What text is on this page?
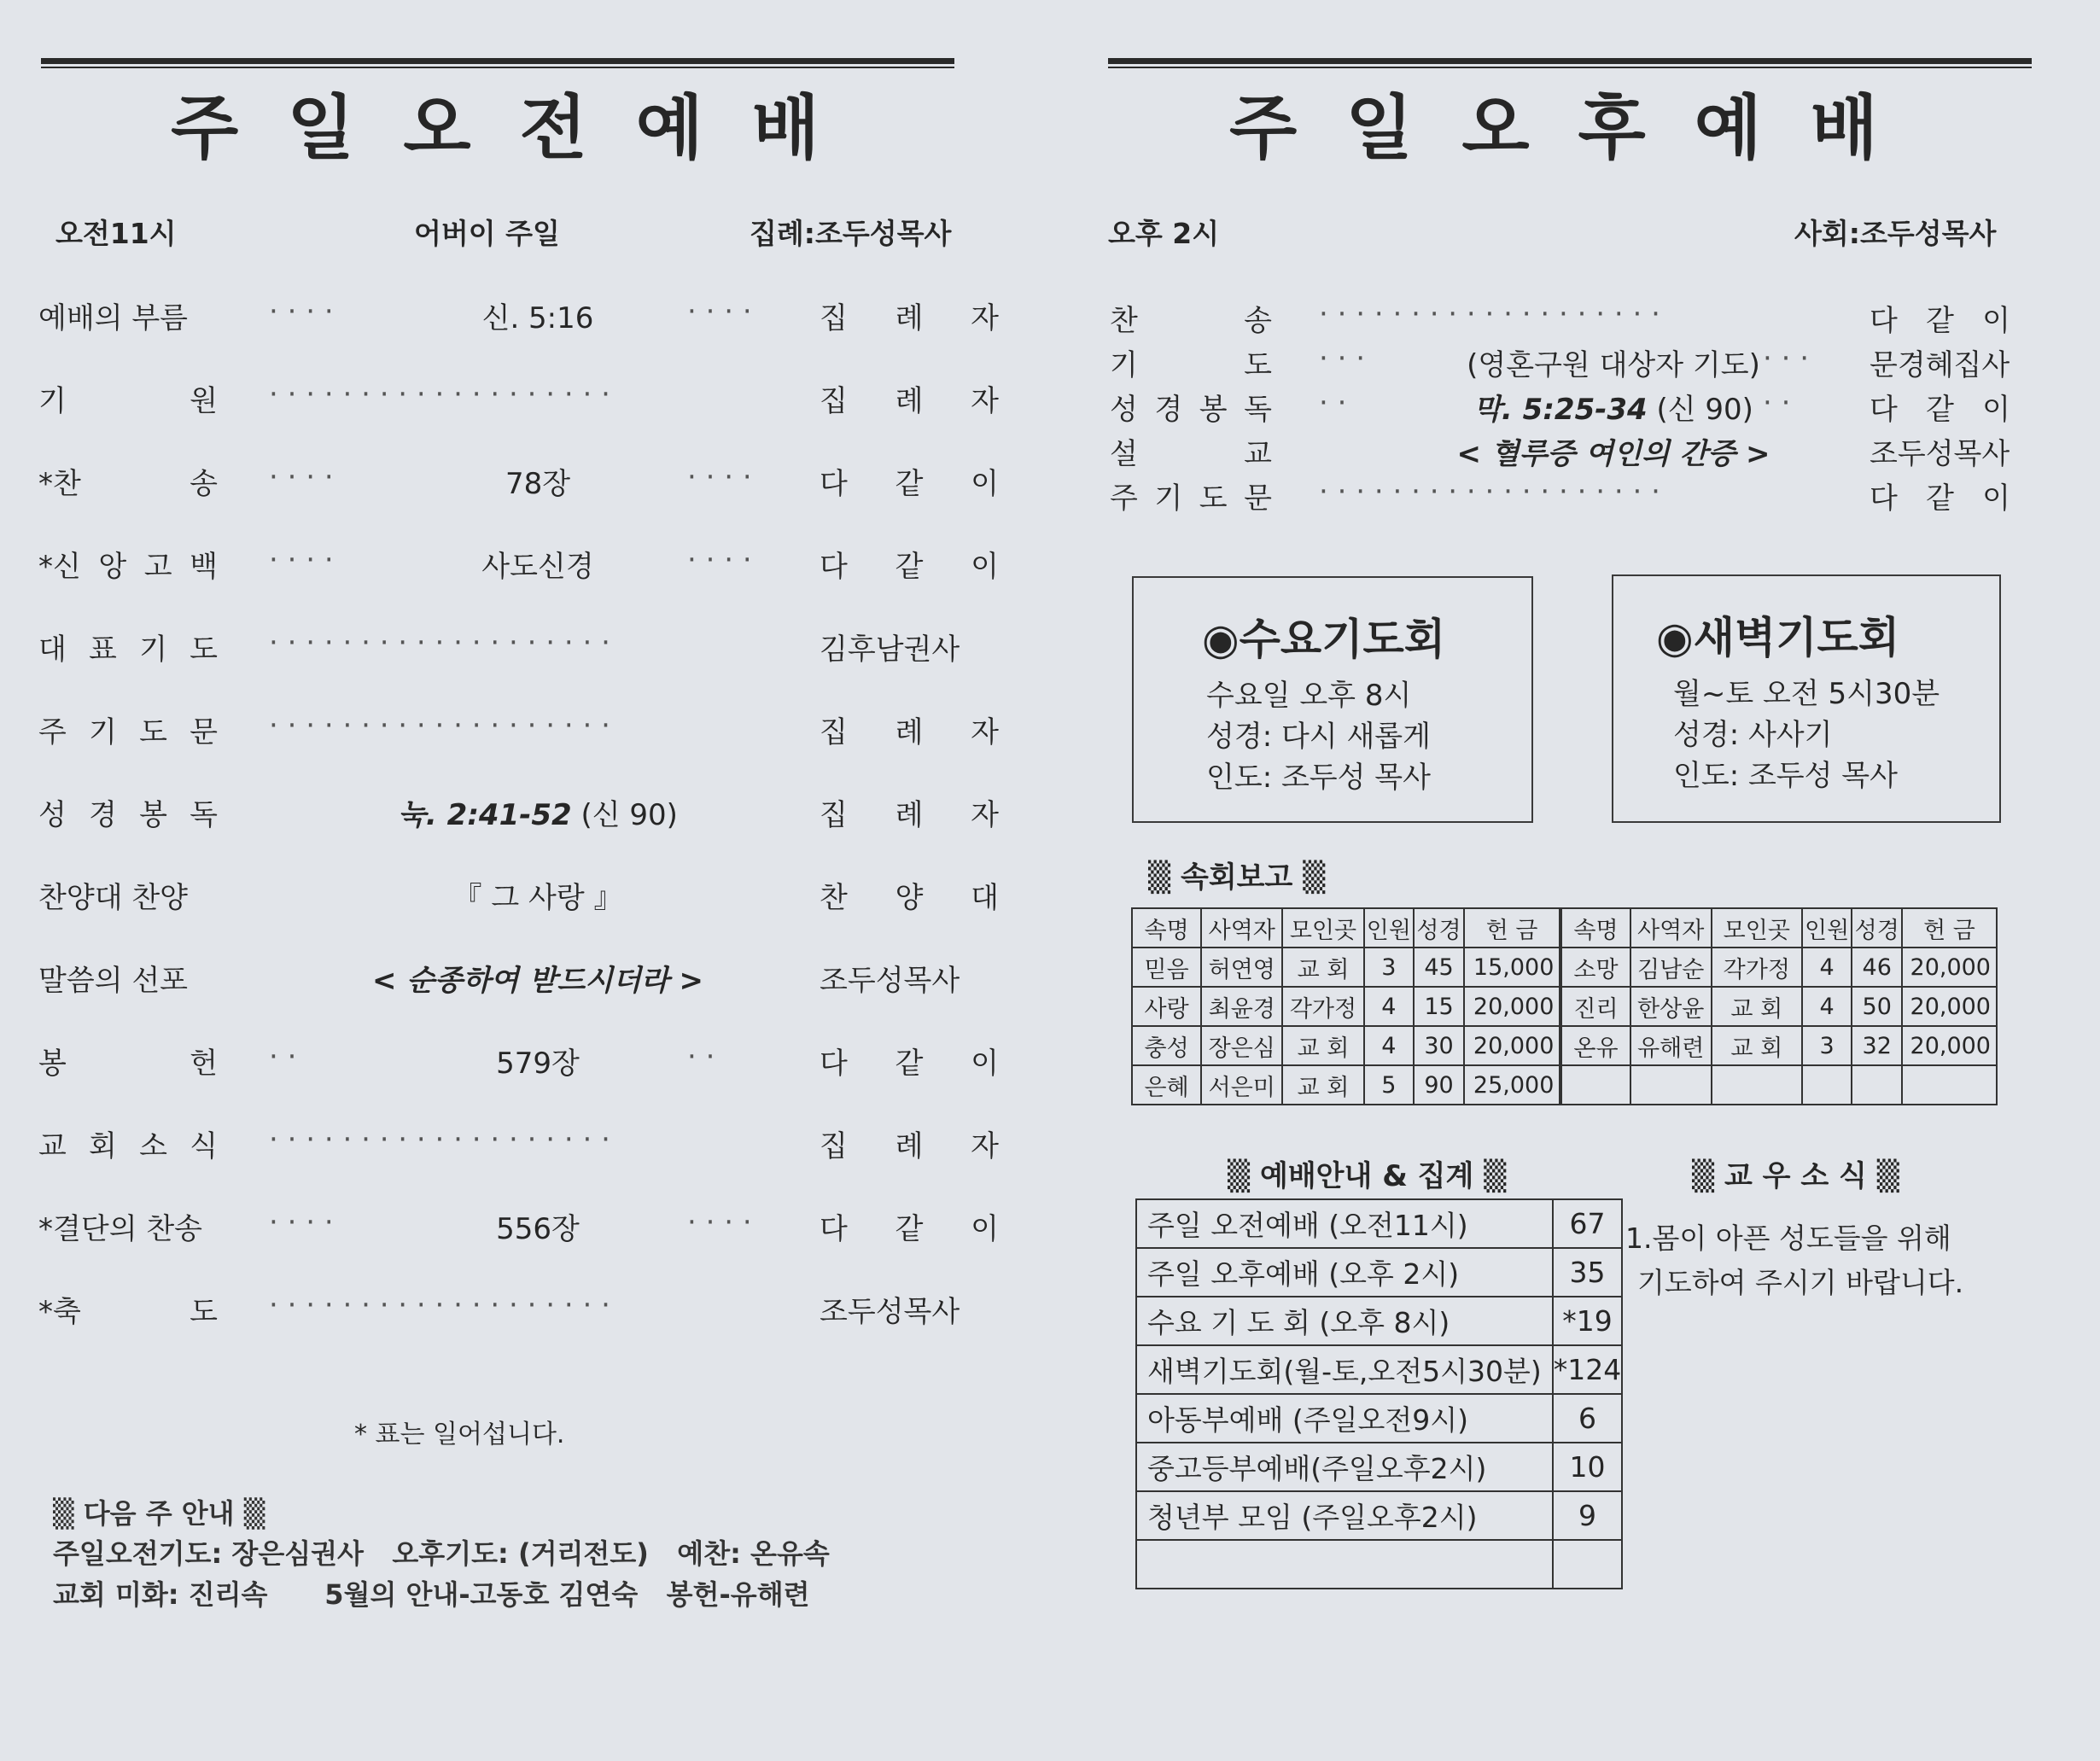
주 일 오 전 예 배
오전11시	어버이 주일	집례:조두성목사
예배의 부름	· · · ·	신. 5:16	· · · · 집 례 자
기	원 · · · · · · · · · · · · · · · · · · ·	집 례 자
*찬	송 · · · ·	78장	· · · · 다 같 이
*신 앙 고 백 · · · ·	사도신경	· · · · 다 같 이
대 표 기 도 · · · · · · · · · · · · · · · · · · ·	김후남권사
주 기 도 문 · · · · · · · · · · · · · · · · · · ·	집 례 자
성 경 봉 독	눅. 2:41-52 (신 90)	집 례 자
찬양대 찬양	『 그 사랑 』	찬 양 대
말씀의 선포	< 순종하여 받드시더라 >	조두성목사
봉	헌 · ·	579장	· ·	다 같 이
교 회 소 식 · · · · · · · · · · · · · · · · · · ·	집 례 자
*결단의 찬송 · · · ·	556장	· · · · 다 같 이
*축	도 · · · · · · · · · · · · · · · · · · ·	조두성목사
* 표는 일어섭니다.
▒ 다음 주 안내 ▒
주일오전기도: 장은심권사   오후기도: (거리전도)   예찬: 온유속
교회 미화: 진리속      5월의 안내-고동호 김연숙   봉헌-유해련
주 일 오 후 예 배
오후 2시	사회:조두성목사
찬	송 · · · · · · · · · · · · · · · · · · ·	다 같 이
기	도 · · ·	(영혼구원 대상자 기도) · · · 문경혜집사
성 경 봉 독 · ·	막. 5:25-34 (신 90) · ·	다 같 이
설	교	< 혈루증 여인의 간증 >	조두성목사
주 기 도 문 · · · · · · · · · · · · · · · · · · ·	다 같 이
◉수요기도회
수요일 오후 8시
성경: 다시 새롭게
인도: 조두성 목사
◉새벽기도회
월~토 오전 5시30분
성경: 사사기
인도: 조두성 목사
▒ 속회보고 ▒
속명	사역자	모인곳	인원	성경	헌 금	속명	사역자	모인곳	인원	성경	헌 금
믿음	허연영	교 회	3	45	15,000	소망	김남순	각가정	4	46	20,000
사랑	최윤경	각가정	4	15	20,000	진리	한상윤	교 회	4	50	20,000
충성	장은심	교 회	4	30	20,000	온유	유해련	교 회	3	32	20,000
은혜	서은미	교 회	5	90	25,000						
▒ 예배안내 & 집계 ▒
주일 오전예배 (오전11시)	67
주일 오후예배 (오후 2시)	35
수요 기 도 회 (오후 8시)	*19
새벽기도회(월-토,오전5시30분)	*124
아동부예배 (주일오전9시)	6
중고등부예배(주일오후2시)	10
청년부 모임 (주일오후2시)	9

▒ 교 우 소 식 ▒
1.몸이 아픈 성도들을 위해
기도하여 주시기 바랍니다.
